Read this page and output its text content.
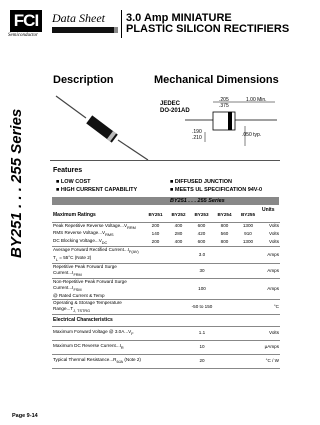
FCI
Semiconductor
Data Sheet 3.0 Amp MINIATURE
PLASTIC SILICON RECTIFIERS
BY251 . . . 255 Series
Description	Mechanical Dimensions
JEDEC
DO-201AD
.205
.375
1.00 Min.
.190
.210	.050 typ.
Features
■ LOW COST	■ DIFFUSED JUNCTION
■ HIGH CURRENT CAPABILITY	■ MEETS UL SPECIFICATION 94V-0
BY251 . . . 255 Series
Units
Maximum Ratings	BY251	BY252	BY253	BY254	BY255	
Peak Repetitive Reverse $Voltage...V_{RRM}$	200	400	600	800	1300	Volts
RMS Reverse $Voltage...V_{RMS}$	140	280	420	560	910	Volts
DC Blocking $Voltage...V_{DC}$	200	400	600	800	1300	Volts
Average Forward Rectified $Current...I_{F(AV)}$
$T_L = 55^\circ C$ (Note 2)	3.0					Amps
Repetitive Peak Forward Surge $Current...I_{FRM}$	30					Amps
Non-Repetitive Peak Forward Surge $Current...I_{FSM}$
@ Rated Current & Temp	100					Amps
Operating & Storage Temperature $Range...T_{J, TSTRG}$	-50 to 150					°C
Electrical Characteristics						
Maximum Forward Voltage @ $3.0A...V_F$	1.1					Volts
Maximum DC Reverse $Current...I_R$	10					μAmps
Typical Thermal $Resistance...R_{\theta JA}$ (Note 2)	20					°C / W
Page 9-14
